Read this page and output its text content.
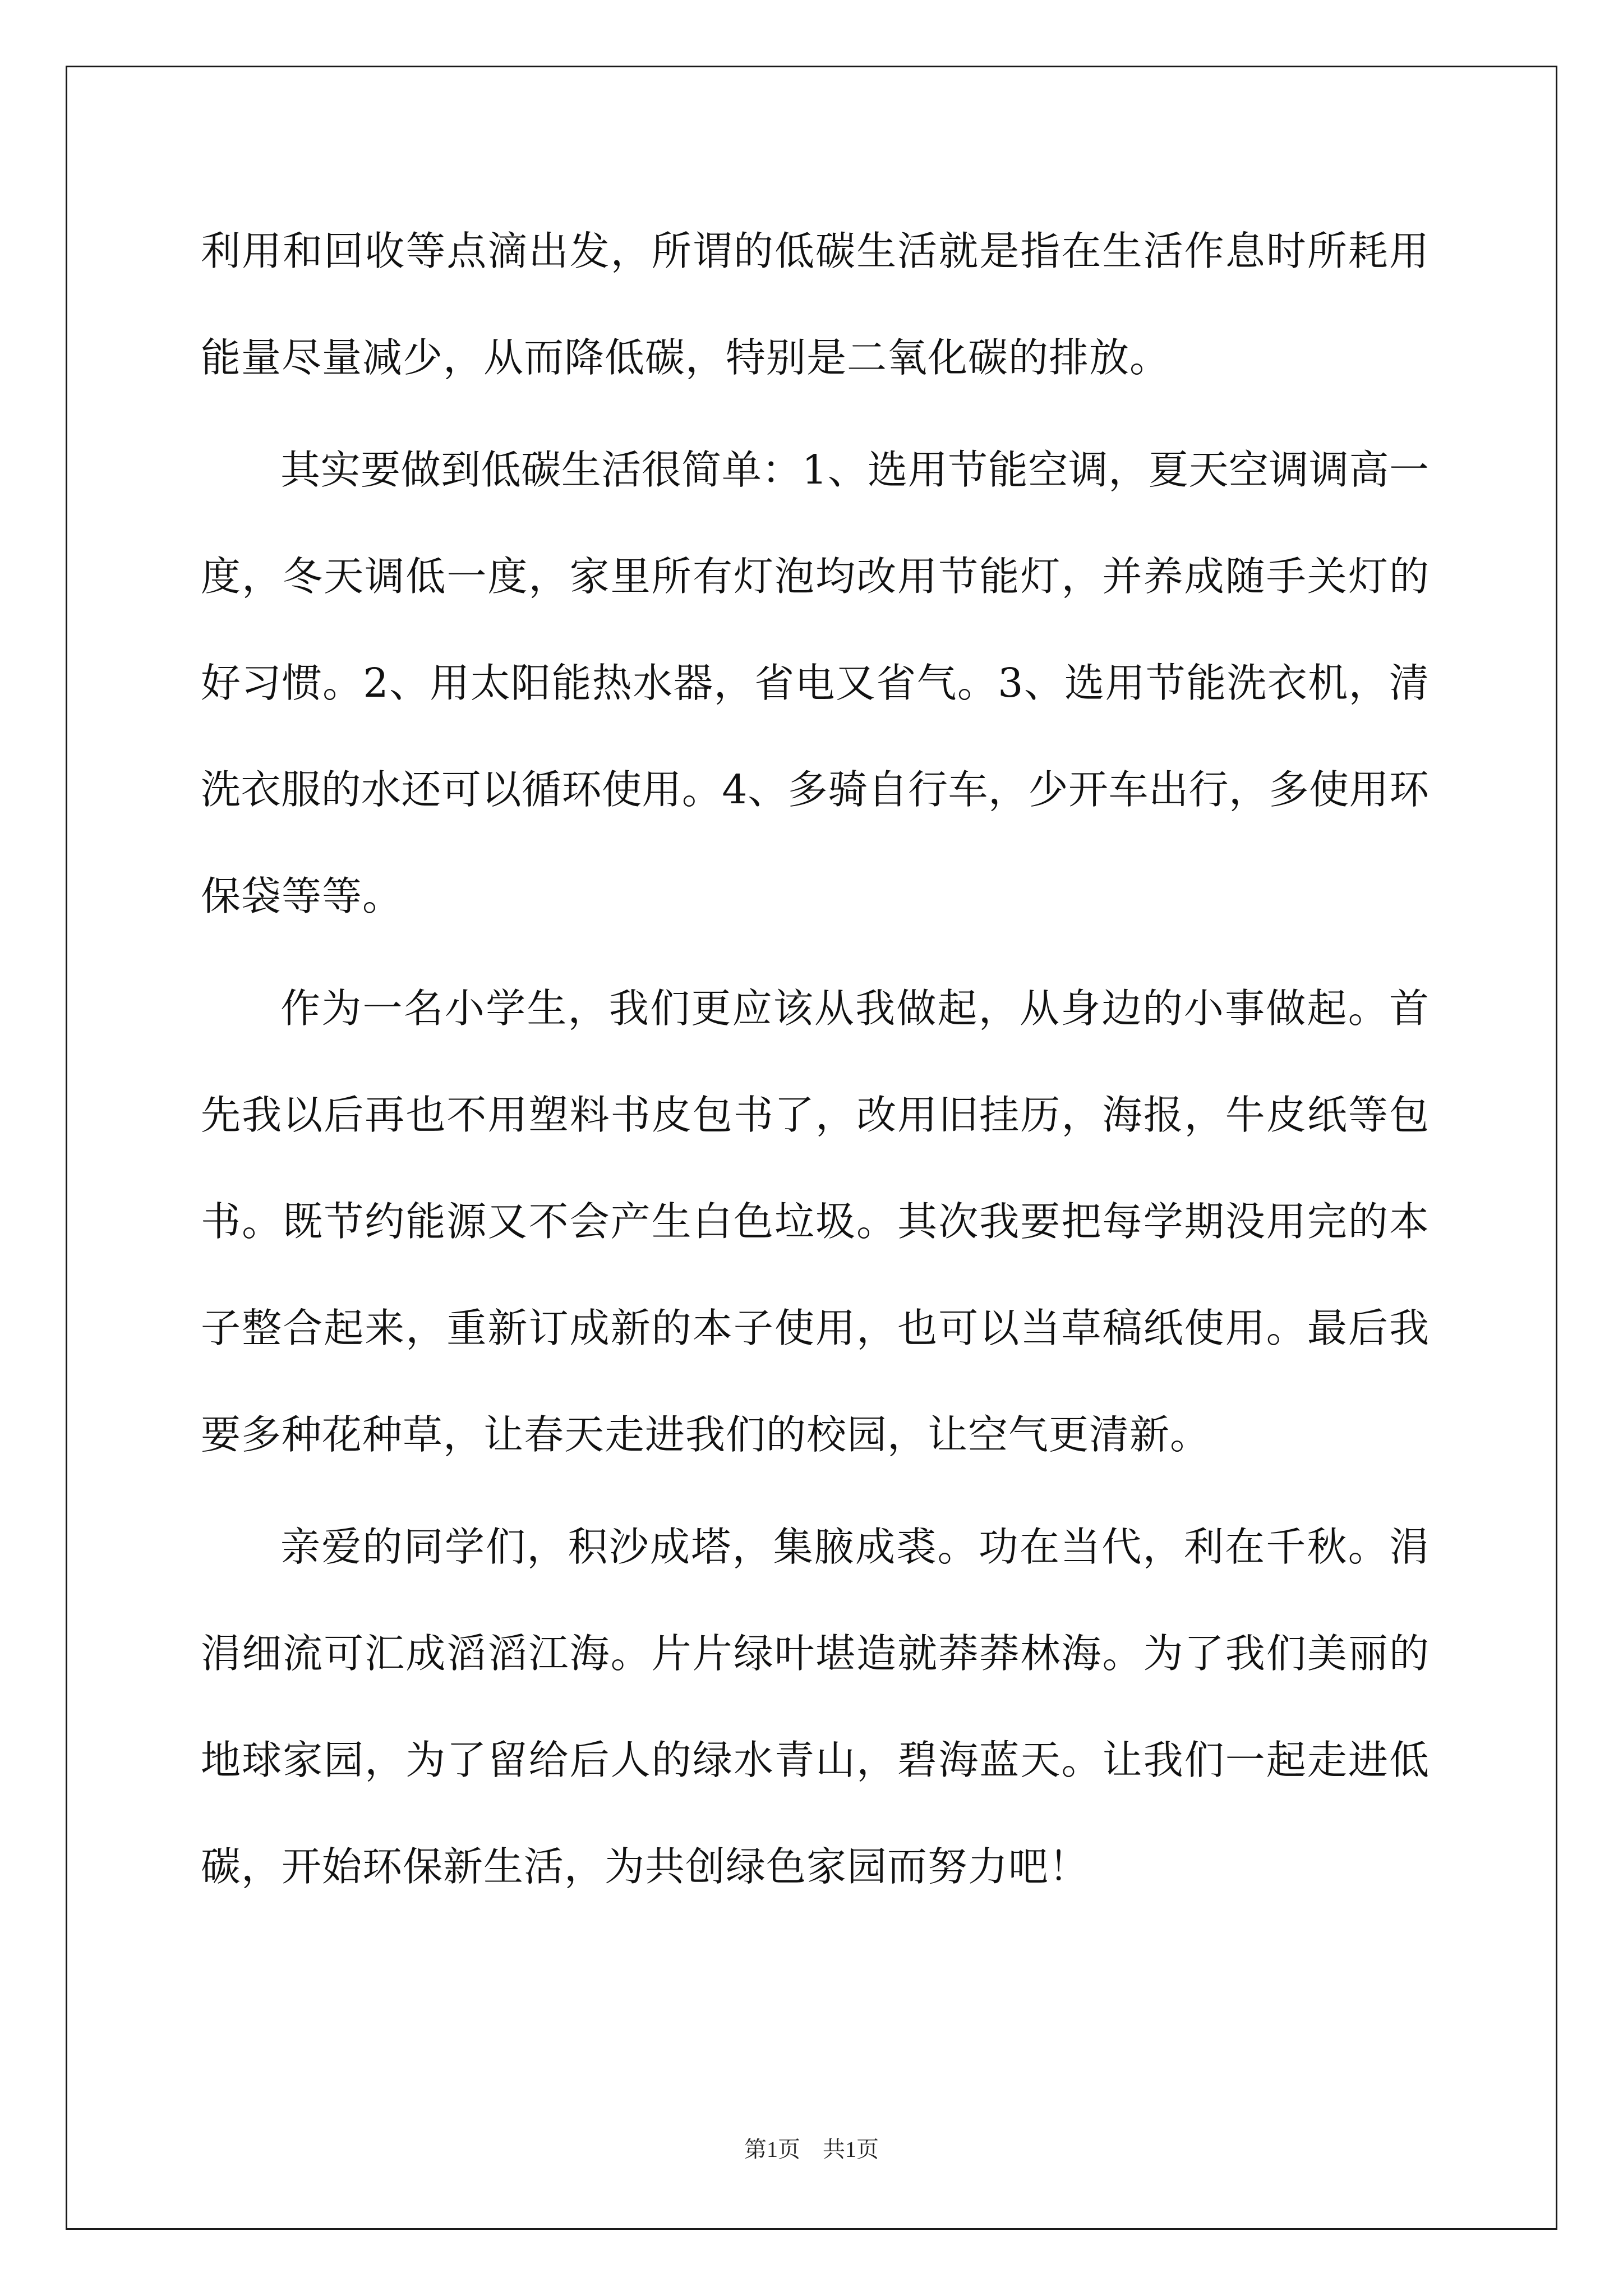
利用和回收等点滴出发，所谓的低碳生活就是指在生活作息时所耗用
能量尽量减少，从而降低碳，特别是二氧化碳的排放。
其实要做到低碳生活很简单：1、选用节能空调，夏天空调调高一
度，冬天调低一度，家里所有灯泡均改用节能灯，并养成随手关灯的
好习惯。2、用太阳能热水器，省电又省气。3、选用节能洗衣机，清
洗衣服的水还可以循环使用。4、多骑自行车，少开车出行，多使用环
保袋等等。
作为一名小学生，我们更应该从我做起，从身边的小事做起。首
先我以后再也不用塑料书皮包书了，改用旧挂历，海报，牛皮纸等包
书。既节约能源又不会产生白色垃圾。其次我要把每学期没用完的本
子整合起来，重新订成新的本子使用，也可以当草稿纸使用。最后我
要多种花种草，让春天走进我们的校园，让空气更清新。
亲爱的同学们，积沙成塔，集腋成裘。功在当代，利在千秋。涓
涓细流可汇成滔滔江海。片片绿叶堪造就莽莽林海。为了我们美丽的
地球家园，为了留给后人的绿水青山，碧海蓝天。让我们一起走进低
碳，开始环保新生活，为共创绿色家园而努力吧！
第1页　共1页
